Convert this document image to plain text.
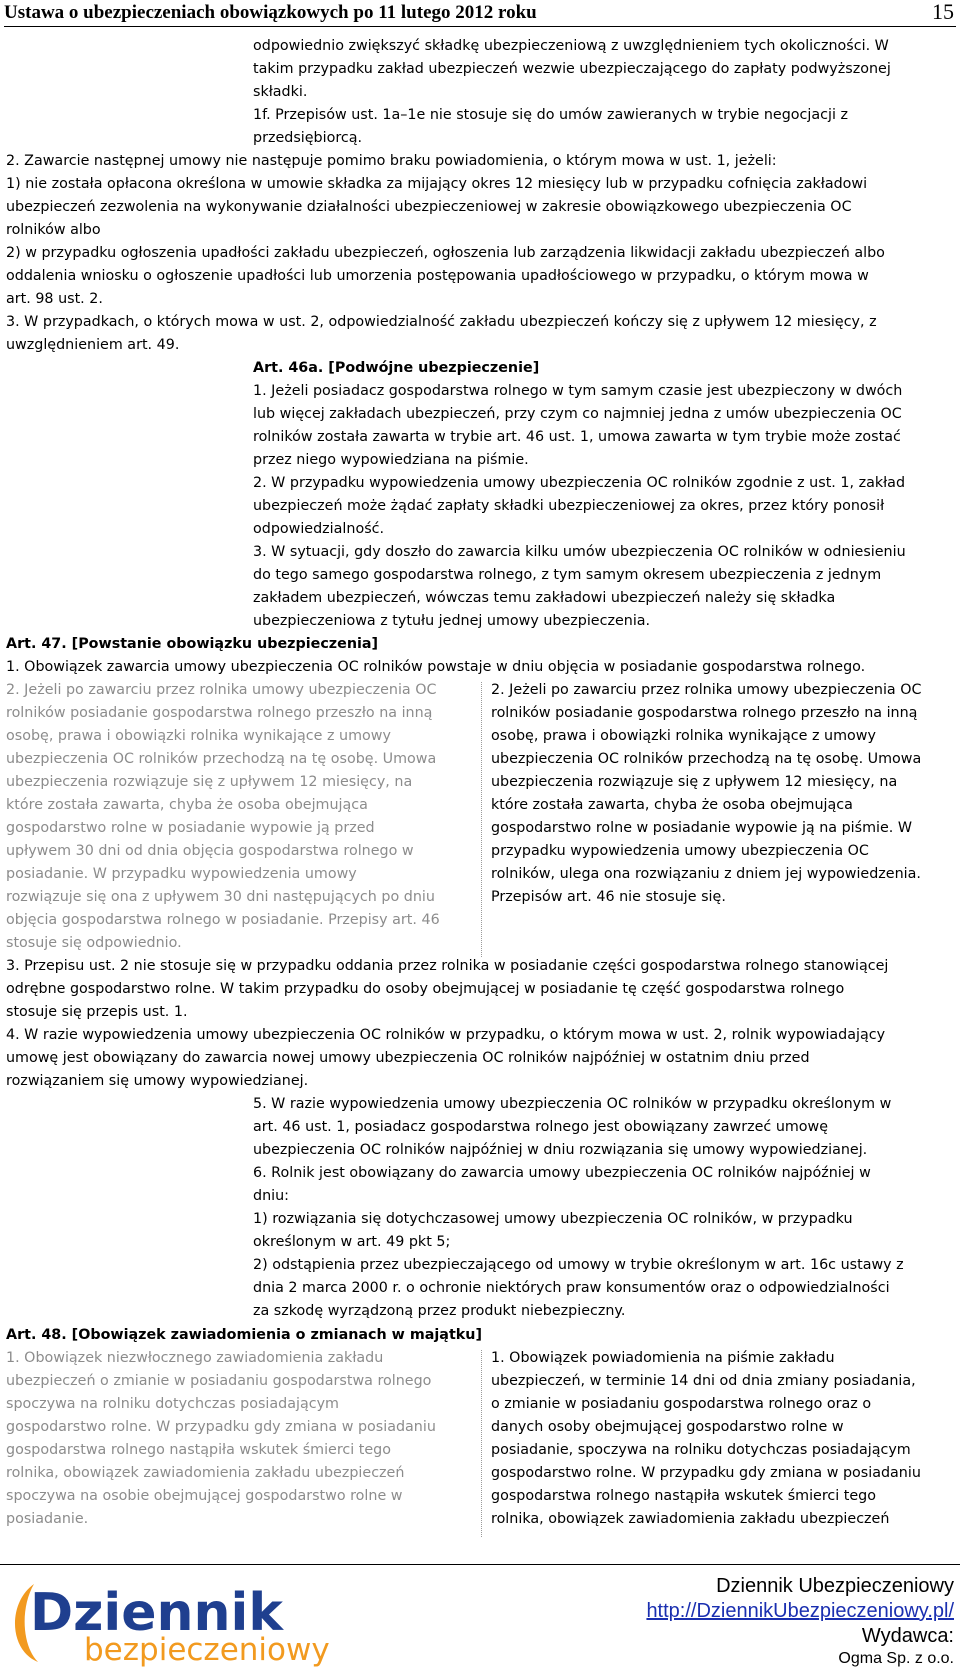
Ustawa o ubezpieczeniach obowiązkowych po 11 lutego 2012 roku	15
odpowiednio zwiększyć składkę ubezpieczeniową z uwzględnieniem tych okoliczności. W
takim przypadku zakład ubezpieczeń wezwie ubezpieczającego do zapłaty podwyższonej
składki.
1f. Przepisów ust. 1a–1e nie stosuje się do umów zawieranych w trybie negocjacji z
przedsiębiorcą.
2. Zawarcie następnej umowy nie następuje pomimo braku powiadomienia, o którym mowa w ust. 1, jeżeli:
1) nie została opłacona określona w umowie składka za mijający okres 12 miesięcy lub w przypadku cofnięcia zakładowi
ubezpieczeń zezwolenia na wykonywanie działalności ubezpieczeniowej w zakresie obowiązkowego ubezpieczenia OC
rolników albo
2) w przypadku ogłoszenia upadłości zakładu ubezpieczeń, ogłoszenia lub zarządzenia likwidacji zakładu ubezpieczeń albo
oddalenia wniosku o ogłoszenie upadłości lub umorzenia postępowania upadłościowego w przypadku, o którym mowa w
art. 98 ust. 2.
3. W przypadkach, o których mowa w ust. 2, odpowiedzialność zakładu ubezpieczeń kończy się z upływem 12 miesięcy, z
uwzględnieniem art. 49.
Art. 46a. [Podwójne ubezpieczenie]
1. Jeżeli posiadacz gospodarstwa rolnego w tym samym czasie jest ubezpieczony w dwóch
lub więcej zakładach ubezpieczeń, przy czym co najmniej jedna z umów ubezpieczenia OC
rolników została zawarta w trybie art. 46 ust. 1, umowa zawarta w tym trybie może zostać
przez niego wypowiedziana na piśmie.
2. W przypadku wypowiedzenia umowy ubezpieczenia OC rolników zgodnie z ust. 1, zakład
ubezpieczeń może żądać zapłaty składki ubezpieczeniowej za okres, przez który ponosił
odpowiedzialność.
3. W sytuacji, gdy doszło do zawarcia kilku umów ubezpieczenia OC rolników w odniesieniu
do tego samego gospodarstwa rolnego, z tym samym okresem ubezpieczenia z jednym
zakładem ubezpieczeń, wówczas temu zakładowi ubezpieczeń należy się składka
ubezpieczeniowa z tytułu jednej umowy ubezpieczenia.
Art. 47. [Powstanie obowiązku ubezpieczenia]
1. Obowiązek zawarcia umowy ubezpieczenia OC rolników powstaje w dniu objęcia w posiadanie gospodarstwa rolnego.
2. Jeżeli po zawarciu przez rolnika umowy ubezpieczenia OC
rolników posiadanie gospodarstwa rolnego przeszło na inną
osobę, prawa i obowiązki rolnika wynikające z umowy
ubezpieczenia OC rolników przechodzą na tę osobę. Umowa
ubezpieczenia rozwiązuje się z upływem 12 miesięcy, na
które została zawarta, chyba że osoba obejmująca
gospodarstwo rolne w posiadanie wypowie ją przed
upływem 30 dni od dnia objęcia gospodarstwa rolnego w
posiadanie. W przypadku wypowiedzenia umowy
rozwiązuje się ona z upływem 30 dni następujących po dniu
objęcia gospodarstwa rolnego w posiadanie. Przepisy art. 46
stosuje się odpowiednio.
2. Jeżeli po zawarciu przez rolnika umowy ubezpieczenia OC
rolników posiadanie gospodarstwa rolnego przeszło na inną
osobę, prawa i obowiązki rolnika wynikające z umowy
ubezpieczenia OC rolników przechodzą na tę osobę. Umowa
ubezpieczenia rozwiązuje się z upływem 12 miesięcy, na
które została zawarta, chyba że osoba obejmująca
gospodarstwo rolne w posiadanie wypowie ją na piśmie. W
przypadku wypowiedzenia umowy ubezpieczenia OC
rolników, ulega ona rozwiązaniu z dniem jej wypowiedzenia.
Przepisów art. 46 nie stosuje się.
3. Przepisu ust. 2 nie stosuje się w przypadku oddania przez rolnika w posiadanie części gospodarstwa rolnego stanowiącej
odrębne gospodarstwo rolne. W takim przypadku do osoby obejmującej w posiadanie tę część gospodarstwa rolnego
stosuje się przepis ust. 1.
4. W razie wypowiedzenia umowy ubezpieczenia OC rolników w przypadku, o którym mowa w ust. 2, rolnik wypowiadający
umowę jest obowiązany do zawarcia nowej umowy ubezpieczenia OC rolników najpóźniej w ostatnim dniu przed
rozwiązaniem się umowy wypowiedzianej.
5. W razie wypowiedzenia umowy ubezpieczenia OC rolników w przypadku określonym w
art. 46 ust. 1, posiadacz gospodarstwa rolnego jest obowiązany zawrzeć umowę
ubezpieczenia OC rolników najpóźniej w dniu rozwiązania się umowy wypowiedzianej.
6. Rolnik jest obowiązany do zawarcia umowy ubezpieczenia OC rolników najpóźniej w
dniu:
1) rozwiązania się dotychczasowej umowy ubezpieczenia OC rolników, w przypadku
określonym w art. 49 pkt 5;
2) odstąpienia przez ubezpieczającego od umowy w trybie określonym w art. 16c ustawy z
dnia 2 marca 2000 r. o ochronie niektórych praw konsumentów oraz o odpowiedzialności
za szkodę wyrządzoną przez produkt niebezpieczny.
Art. 48. [Obowiązek zawiadomienia o zmianach w majątku]
1. Obowiązek niezwłocznego zawiadomienia zakładu
ubezpieczeń o zmianie w posiadaniu gospodarstwa rolnego
spoczywa na rolniku dotychczas posiadającym
gospodarstwo rolne. W przypadku gdy zmiana w posiadaniu
gospodarstwa rolnego nastąpiła wskutek śmierci tego
rolnika, obowiązek zawiadomienia zakładu ubezpieczeń
spoczywa na osobie obejmującej gospodarstwo rolne w
posiadanie.
1. Obowiązek powiadomienia na piśmie zakładu
ubezpieczeń, w terminie 14 dni od dnia zmiany posiadania,
o zmianie w posiadaniu gospodarstwa rolnego oraz o
danych osoby obejmującej gospodarstwo rolne w
posiadanie, spoczywa na rolniku dotychczas posiadającym
gospodarstwo rolne. W przypadku gdy zmiana w posiadaniu
gospodarstwa rolnego nastąpiła wskutek śmierci tego
rolnika, obowiązek zawiadomienia zakładu ubezpieczeń
Dziennik
bezpieczeniowy
Dziennik Ubezpieczeniowy
http://DziennikUbezpieczeniowy.pl/
Wydawca:
Ogma Sp. z o.o.
